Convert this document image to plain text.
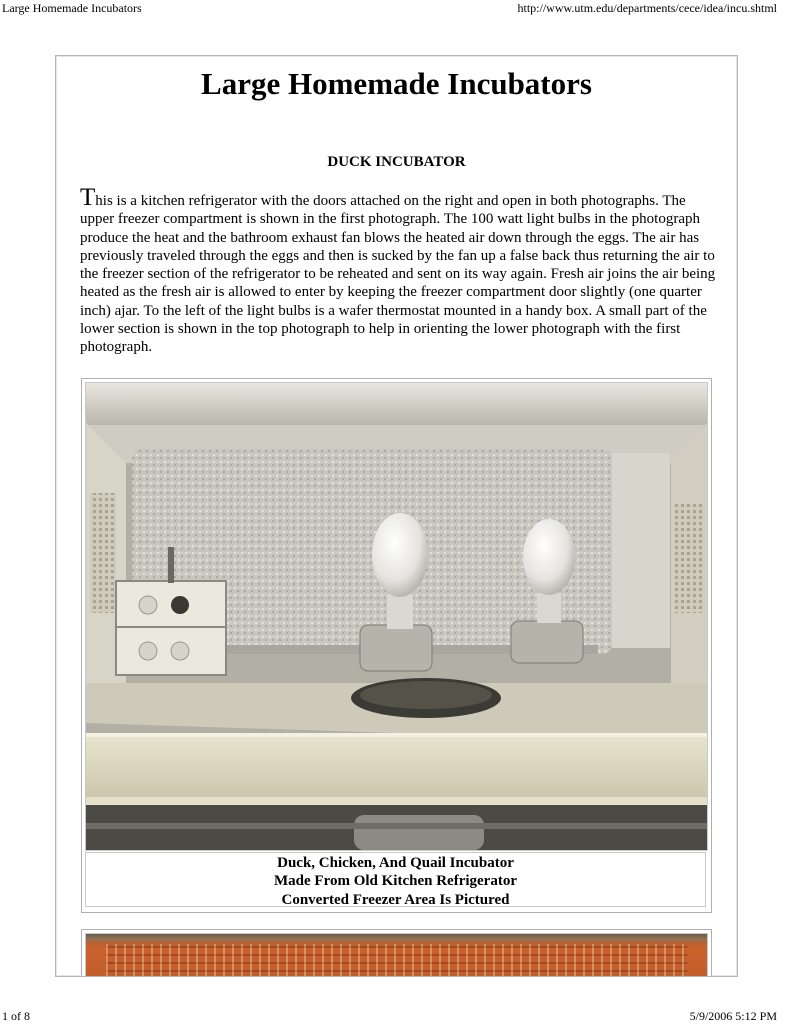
Large Homemade Incubators	http://www.utm.edu/departments/cece/idea/incu.shtml
Large Homemade Incubators
DUCK INCUBATOR

This is a kitchen refrigerator with the doors attached on the right and open in both photographs. The upper freezer compartment is shown in the first photograph. The 100 watt light bulbs in the photograph produce the heat and the bathroom exhaust fan blows the heated air down through the eggs. The air has previously traveled through the eggs and then is sucked by the fan up a false back thus returning the air to the freezer section of the refrigerator to be reheated and sent on its way again. Fresh air joins the air being heated as the fresh air is allowed to enter by keeping the freezer compartment door slightly (one quarter inch) ajar. To the left of the light bulbs is a wafer thermostat mounted in a handy box. A small part of the lower section is shown in the top photograph to help in orienting the lower photograph with the first photograph.

Duck, Chicken, And Quail Incubator
Made From Old Kitchen Refrigerator
Converted Freezer Area Is Pictured
1 of 8	5/9/2006 5:12 PM
